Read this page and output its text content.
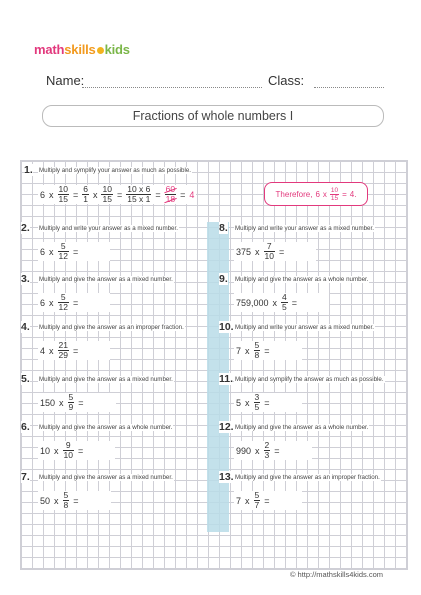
mathskills kids
Name:	Class:
Fractions of whole numbers I
1. Multiply and symplify your answer as much as possible.
6 x $\frac{10}{15} = \frac{6}{1}$ x $\frac{10}{15} = \frac{10 x 6}{15 x 1} = \frac{60}{18} = 4$	Therefore, 6 x $\frac{10}{15} = 4$.
2. Multiply and write your answer as a mixed number.
6 x $\frac{5}{12}$ =
3. Multiply and give the answer as a mixed number.
6 x $\frac{5}{12}$ =
4. Multiply and give the answer as an improper fraction.
4 x $\frac{21}{29}$ =
5. Multiply and give the answer as a mixed number.
150 x $\frac{5}{9}$ =
6. Multiply and give the answer as a whole number.
10 x $\frac{9}{10}$ =
7. Multiply and give the answer as a mixed number.
50 x $\frac{5}{8}$ =
8. Multiply and write your answer as a mixed number.
375 x $\frac{7}{10}$ =
9. Multiply and give the answer as a whole number.
759,000 x $\frac{4}{5}$ =
10. Multiply and write your answer as a mixed number.
7 x $\frac{5}{8}$ =
11. Multiply and symplify the answer as much as possible.
5 x $\frac{3}{5}$ =
12. Multiply and give the answer as a whole number.
990 x $\frac{2}{3}$ =
13. Multiply and give the answer as an improper fraction.
7 x $\frac{5}{7}$ =
© http://mathskills4kids.com
